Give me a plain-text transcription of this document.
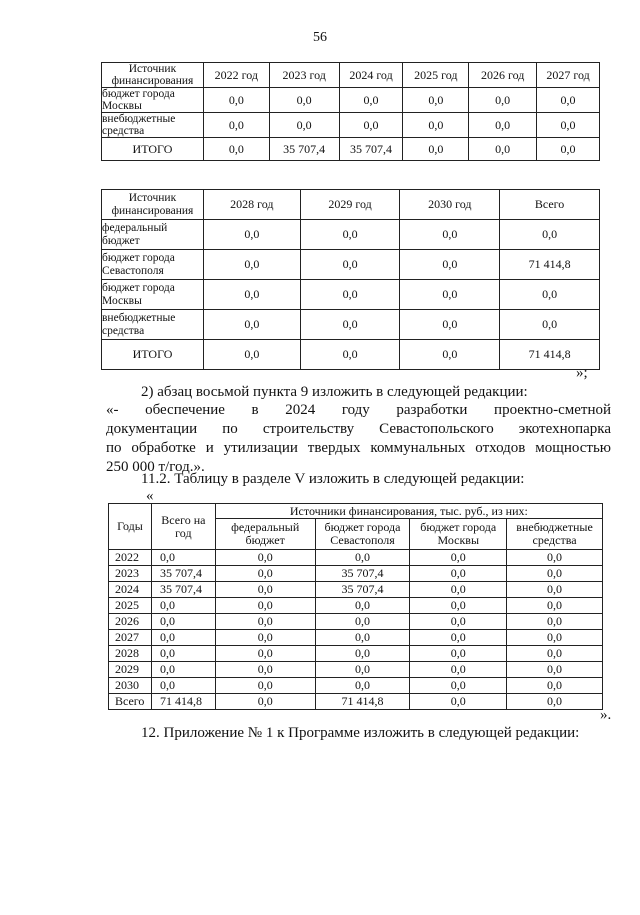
56
Источник финансирования	2022 год	2023 год	2024 год	2025 год	2026 год	2027 год
бюджет города Москвы	0,0	0,0	0,0	0,0	0,0	0,0
внебюджетные средства	0,0	0,0	0,0	0,0	0,0	0,0
ИТОГО	0,0	35 707,4	35 707,4	0,0	0,0	0,0
Источник финансирования	2028 год	2029 год	2030 год	Всего
федеральный бюджет	0,0	0,0	0,0	0,0
бюджет города Севастополя	0,0	0,0	0,0	71 414,8
бюджет города Москвы	0,0	0,0	0,0	0,0
внебюджетные средства	0,0	0,0	0,0	0,0
ИТОГО	0,0	0,0	0,0	71 414,8
»;

2) абзац восьмой пункта 9 изложить в следующей редакции:

«- обеспечение в 2024 году разработки проектно-сметной

документации по строительству Севастопольского экотехнопарка

по обработке и утилизации твердых коммунальных отходов мощностью

250 000 т/год.».

11.2. Таблицу в разделе V изложить в следующей редакции:

«
Годы	Всего на год	Источники финансирования, тыс. руб., из них:			
		федеральный бюджет	бюджет города Севастополя	бюджет города Москвы	внебюджетные средства
2022	0,0	0,0	0,0	0,0	0,0
2023	35 707,4	0,0	35 707,4	0,0	0,0
2024	35 707,4	0,0	35 707,4	0,0	0,0
2025	0,0	0,0	0,0	0,0	0,0
2026	0,0	0,0	0,0	0,0	0,0
2027	0,0	0,0	0,0	0,0	0,0
2028	0,0	0,0	0,0	0,0	0,0
2029	0,0	0,0	0,0	0,0	0,0
2030	0,0	0,0	0,0	0,0	0,0
Всего	71 414,8	0,0	71 414,8	0,0	0,0
».

12. Приложение № 1 к Программе изложить в следующей редакции:
